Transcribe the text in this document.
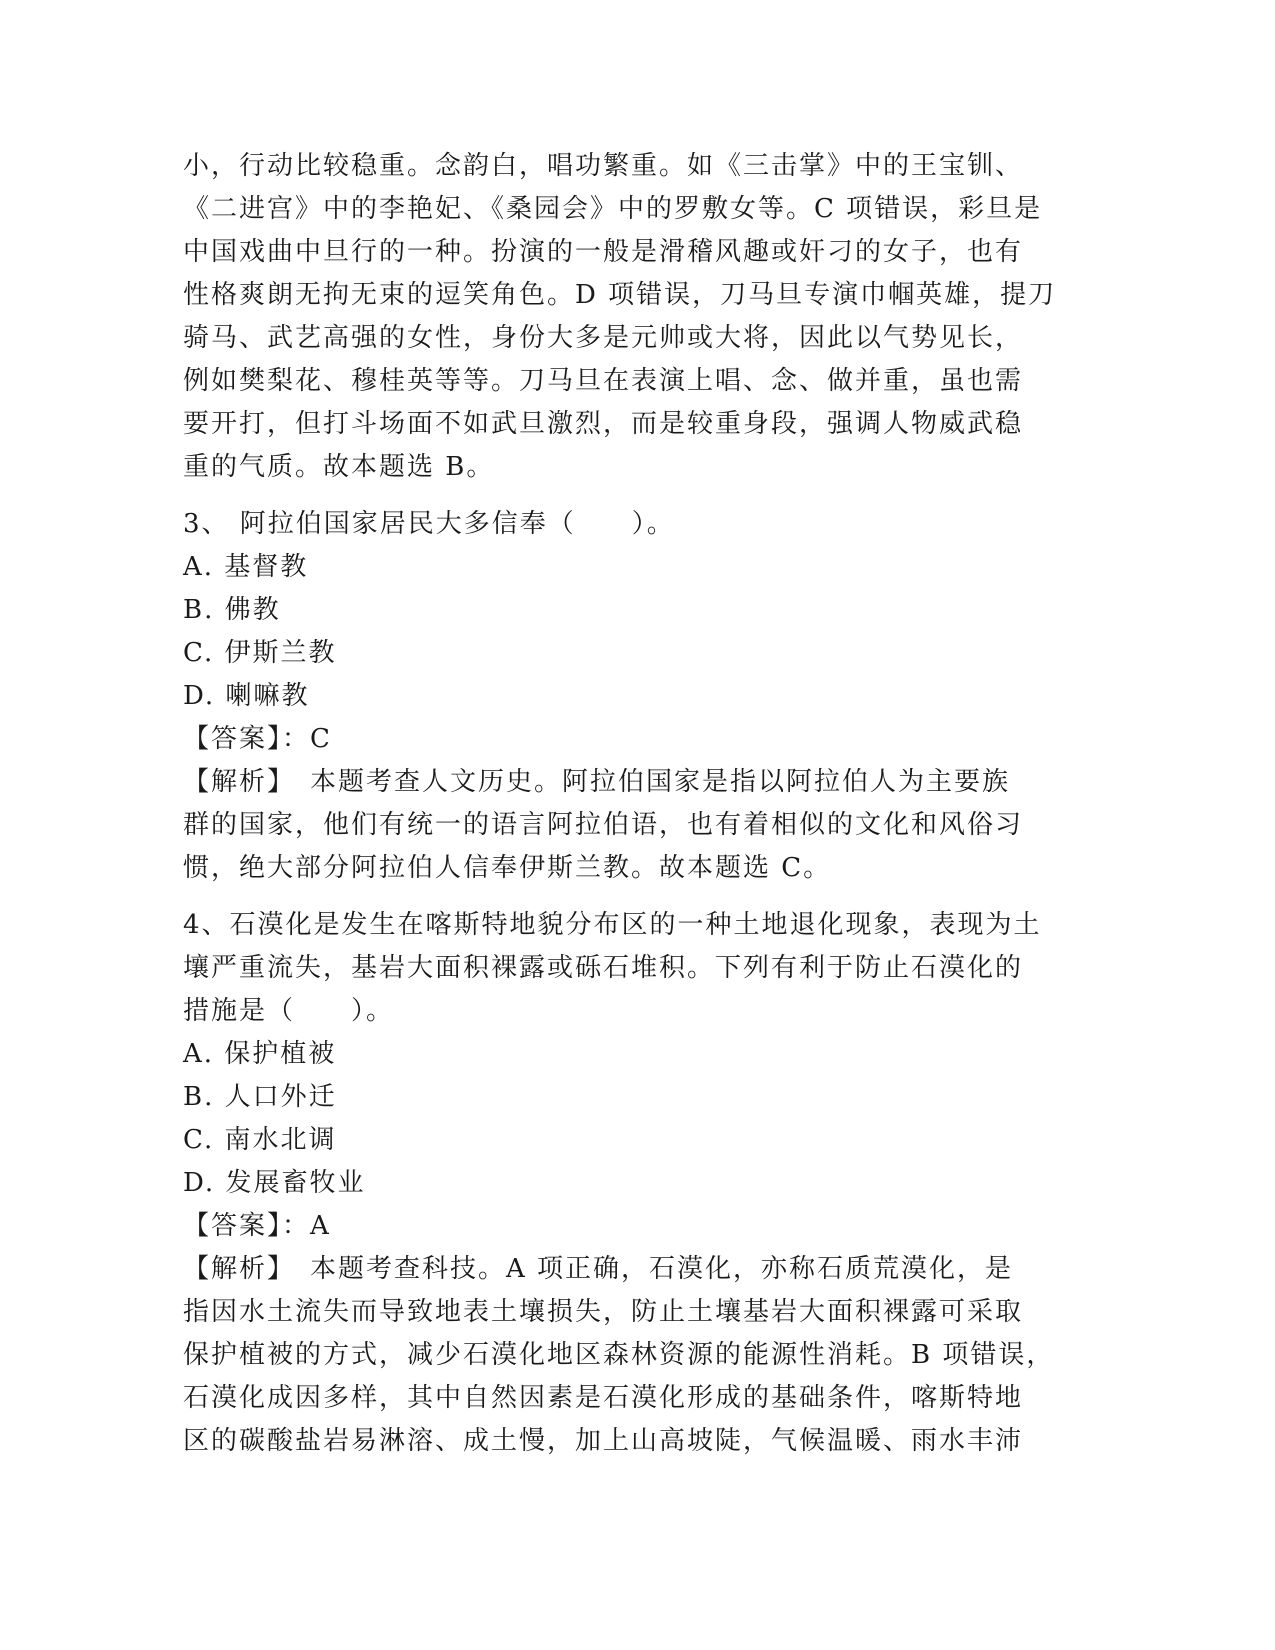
小，行动比较稳重。念韵白，唱功繁重。如《三击掌》中的王宝钏、
《二进宫》中的李艳妃、《桑园会》中的罗敷女等。C 项错误，彩旦是
中国戏曲中旦行的一种。扮演的一般是滑稽风趣或奸刁的女子，也有
性格爽朗无拘无束的逗笑角色。D 项错误，刀马旦专演巾帼英雄，提刀
骑马、武艺高强的女性，身份大多是元帅或大将，因此以气势见长，
例如樊梨花、穆桂英等等。刀马旦在表演上唱、念、做并重，虽也需
要开打，但打斗场面不如武旦激烈，而是较重身段，强调人物威武稳
重的气质。故本题选 B。
3、 阿拉伯国家居民大多信奉（　　）。
A. 基督教
B. 佛教
C. 伊斯兰教
D. 喇嘛教
【答案】：C
【解析】　本题考查人文历史。阿拉伯国家是指以阿拉伯人为主要族
群的国家，他们有统一的语言阿拉伯语，也有着相似的文化和风俗习
惯，绝大部分阿拉伯人信奉伊斯兰教。故本题选 C。
4、石漠化是发生在喀斯特地貌分布区的一种土地退化现象，表现为土
壤严重流失，基岩大面积裸露或砾石堆积。下列有利于防止石漠化的
措施是（　　）。
A. 保护植被
B. 人口外迁
C. 南水北调
D. 发展畜牧业
【答案】：A
【解析】　本题考查科技。A 项正确，石漠化，亦称石质荒漠化，是
指因水土流失而导致地表土壤损失，防止土壤基岩大面积裸露可采取
保护植被的方式，减少石漠化地区森林资源的能源性消耗。B 项错误，
石漠化成因多样，其中自然因素是石漠化形成的基础条件，喀斯特地
区的碳酸盐岩易淋溶、成土慢，加上山高坡陡，气候温暖、雨水丰沛
